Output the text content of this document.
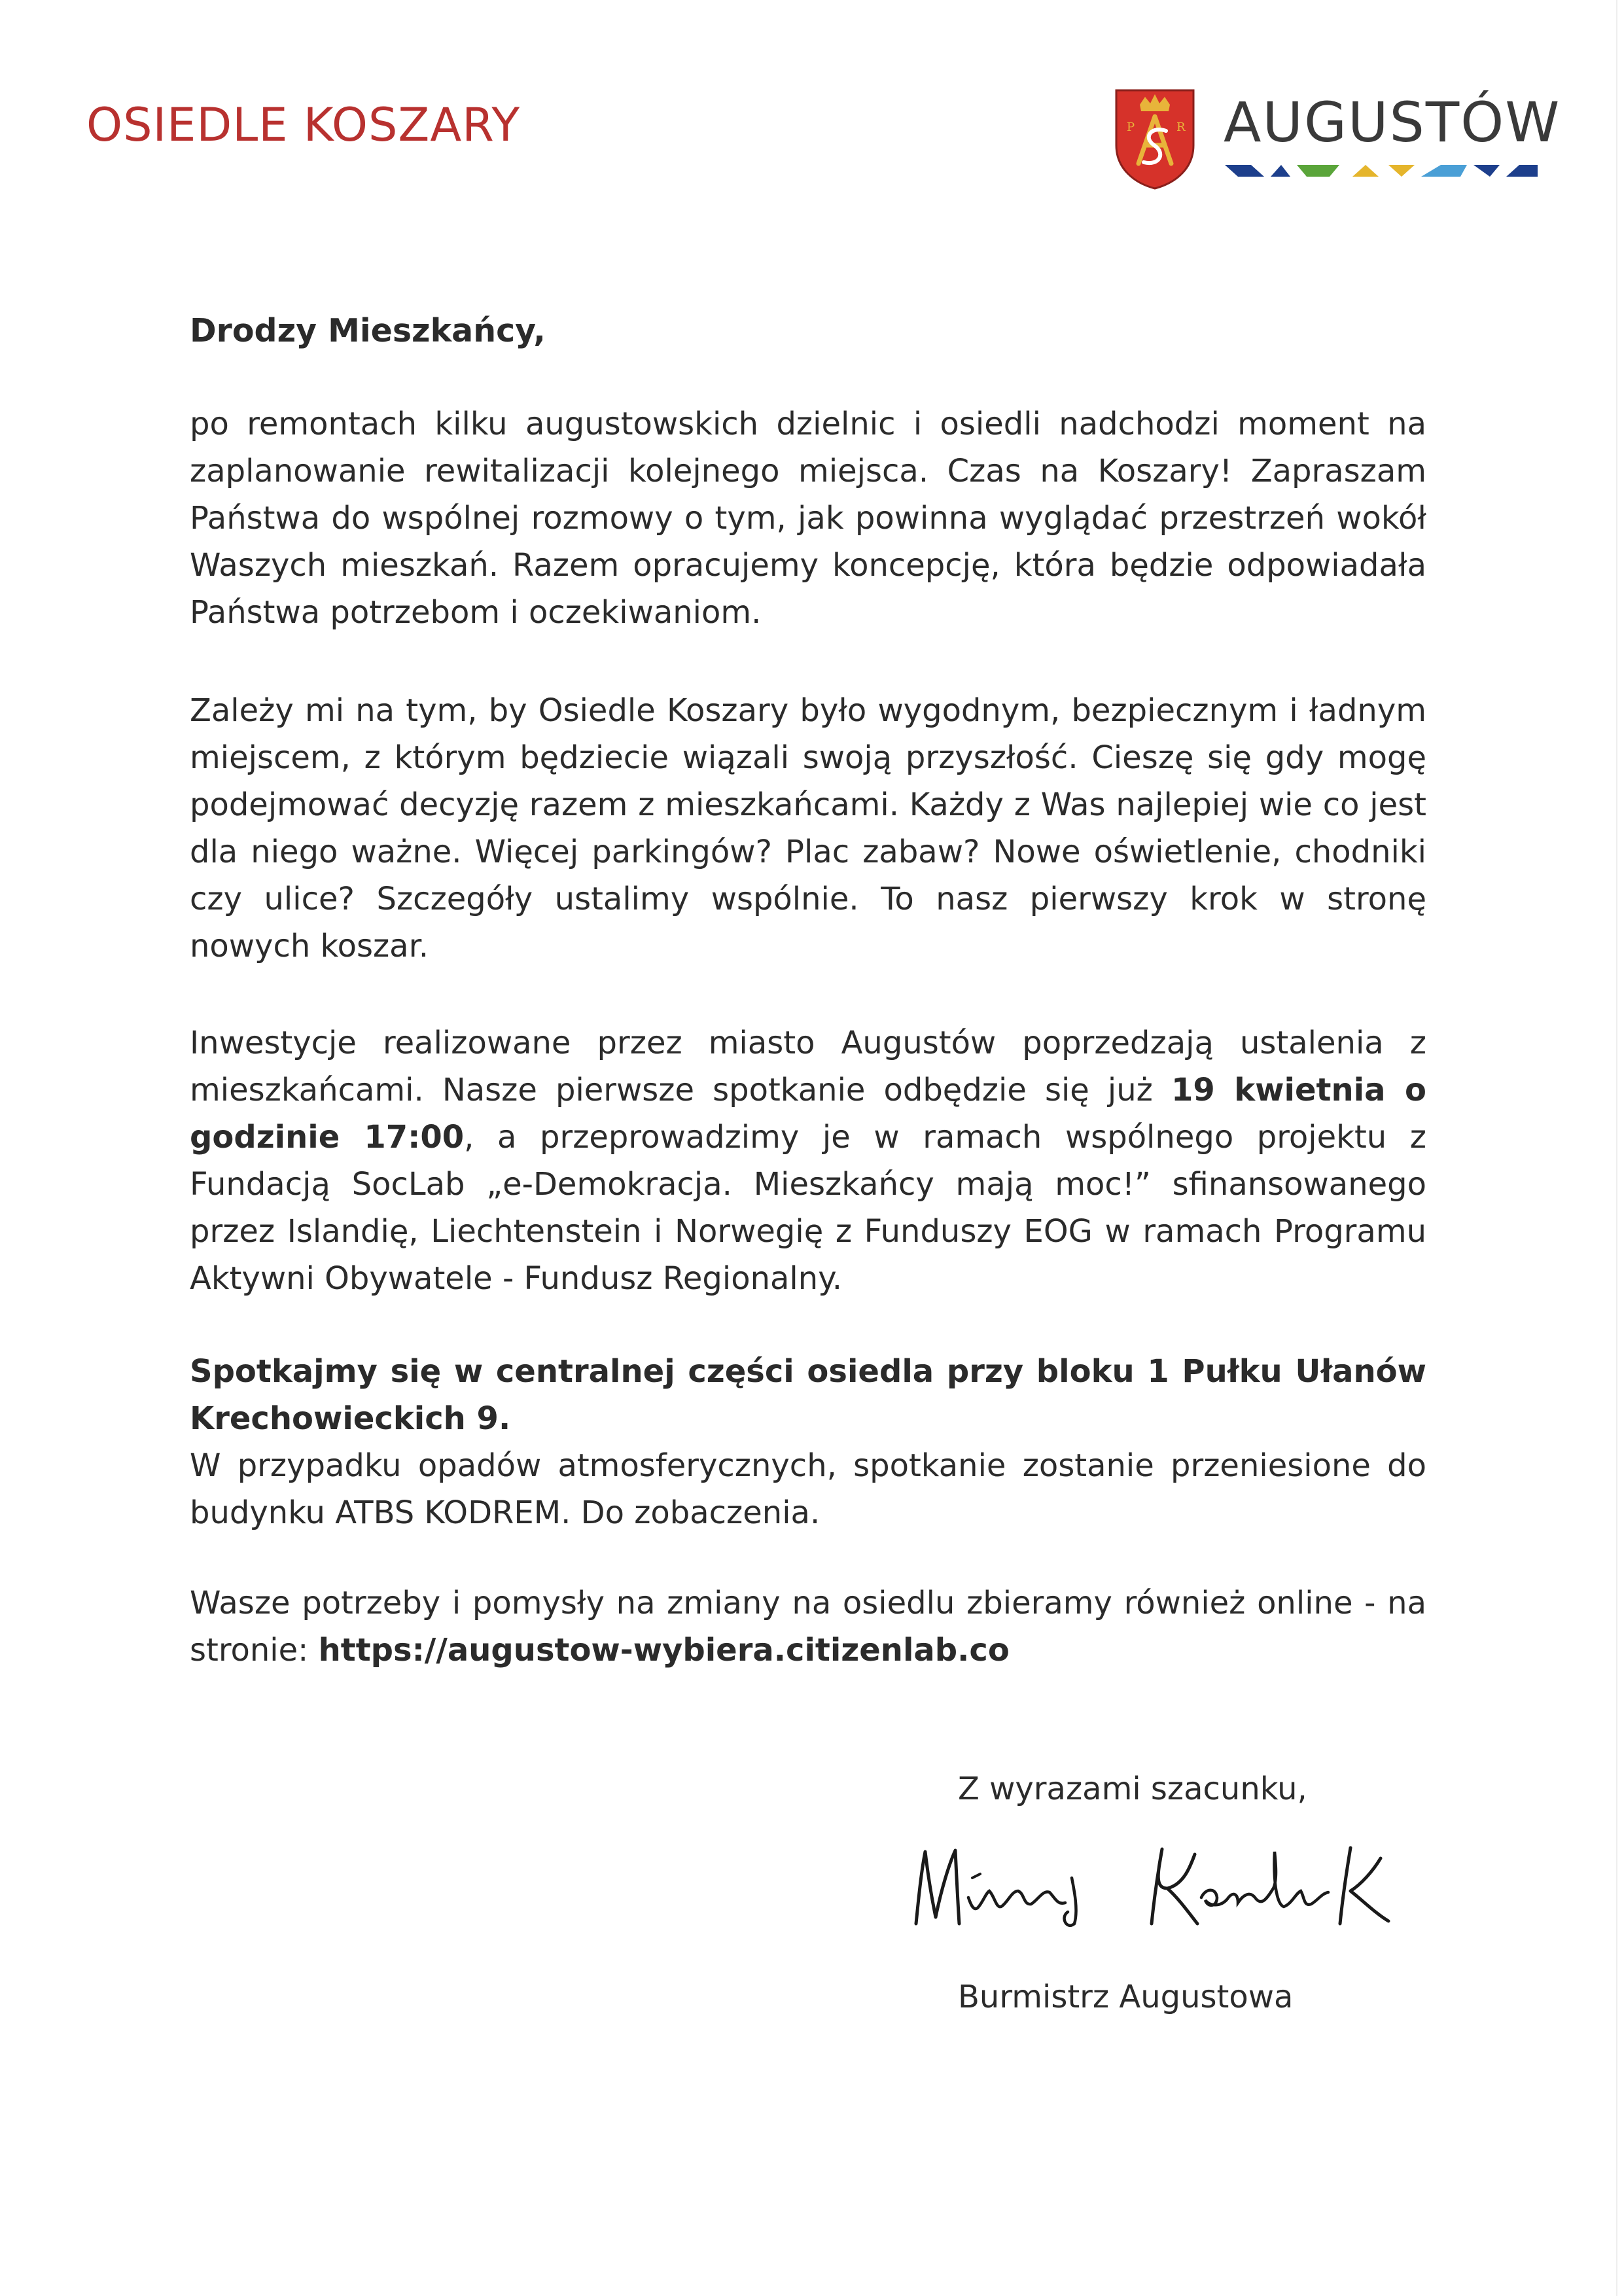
OSIEDLE KOSZARY	P	R AUGUSTÓW
Drodzy Mieszkańcy,
po remontach kilku augustowskich dzielnic i osiedli nadchodzi moment na zaplanowanie rewitalizacji kolejnego miejsca. Czas na Koszary! Zapraszam Państwa do wspólnej rozmowy o tym, jak powinna wyglądać przestrzeń wokół Waszych mieszkań. Razem opracujemy koncepcję, która będzie odpowiadała Państwa potrzebom i oczekiwaniom.
Zależy mi na tym, by Osiedle Koszary było wygodnym, bezpiecznym i ładnym miejscem, z którym będziecie wiązali swoją przyszłość. Cieszę się gdy mogę podejmować decyzję razem z mieszkańcami. Każdy z Was najlepiej wie co jest dla niego ważne. Więcej parkingów? Plac zabaw? Nowe oświetlenie, chodniki czy ulice? Szczegóły ustalimy wspólnie. To nasz pierwszy krok w stronę nowych koszar.
Inwestycje realizowane przez miasto Augustów poprzedzają ustalenia z mieszkańcami. Nasze pierwsze spotkanie odbędzie się już 19 kwietnia o godzinie 17:00, a przeprowadzimy je w ramach wspólnego projektu z Fundacją SocLab „e-Demokracja. Mieszkańcy mają moc!” sfinansowanego przez Islandię, Liechtenstein i Norwegię z Funduszy EOG w ramach Programu Aktywni Obywatele - Fundusz Regionalny.
Spotkajmy się w centralnej części osiedla przy bloku 1 Pułku Ułanów Krechowieckich 9.
W przypadku opadów atmosferycznych, spotkanie zostanie przeniesione do budynku ATBS KODREM. Do zobaczenia.
Wasze potrzeby i pomysły na zmiany na osiedlu zbieramy również online - na stronie: https://augustow-wybiera.citizenlab.co
Z wyrazami szacunku,
Burmistrz Augustowa
